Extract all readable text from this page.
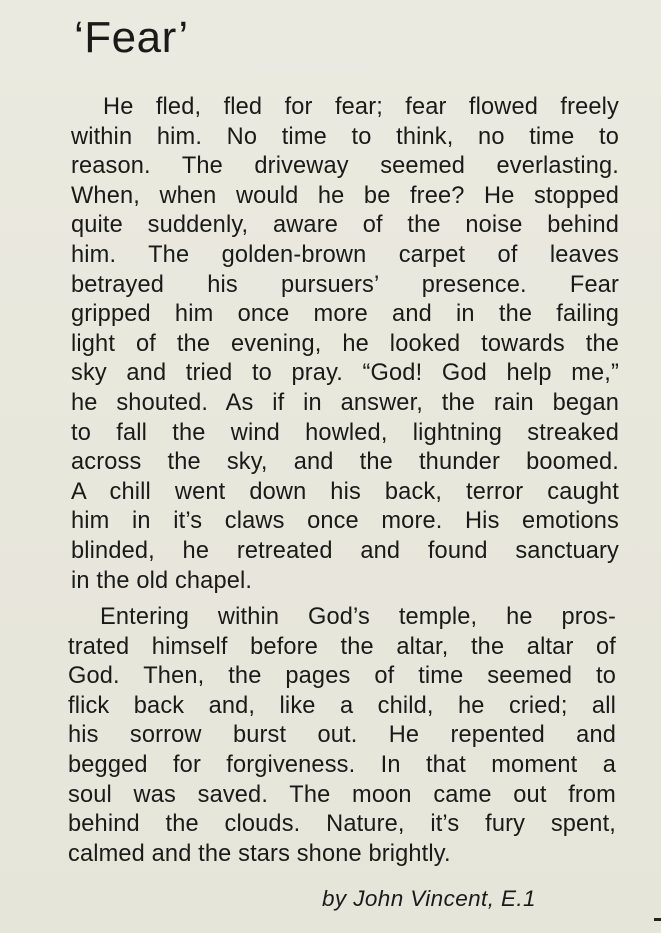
‘Fear’
He fled, fled for fear; fear flowed freely
within him. No time to think, no time to
reason. The driveway seemed everlasting.
When, when would he be free? He stopped
quite suddenly, aware of the noise behind
him. The golden-brown carpet of leaves
betrayed his pursuers’ presence. Fear
gripped him once more and in the failing
light of the evening, he looked towards the
sky and tried to pray. “God! God help me,”
he shouted. As if in answer, the rain began
to fall the wind howled, lightning streaked
across the sky, and the thunder boomed.
A chill went down his back, terror caught
him in it’s claws once more. His emotions
blinded, he retreated and found sanctuary
in the old chapel.
Entering within God’s temple, he pros-
trated himself before the altar, the altar of
God. Then, the pages of time seemed to
flick back and, like a child, he cried; all
his sorrow burst out. He repented and
begged for forgiveness. In that moment a
soul was saved. The moon came out from
behind the clouds. Nature, it’s fury spent,
calmed and the stars shone brightly.

by John Vincent, E.1
